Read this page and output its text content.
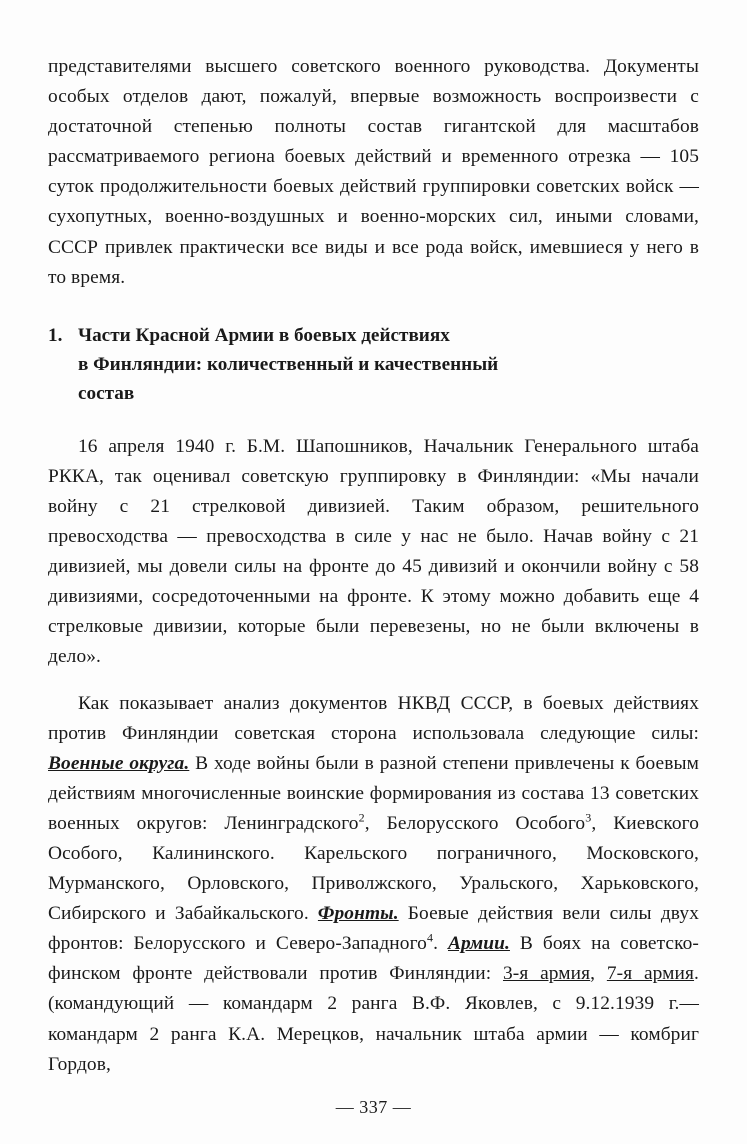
представителями высшего советского военного руководства. Документы особых отделов дают, пожалуй, впервые возможность воспроизвести с достаточной степенью полноты состав гигантской для масштабов рассматриваемого региона боевых действий и временного отрезка — 105 суток продолжительности боевых действий группировки советских войск — сухопутных, военно-воздушных и военно-морских сил, иными словами, СССР привлек практически все виды и все рода войск, имевшиеся у него в то время.

1. Части Красной Армии в боевых действиях
в Финляндии: количественный и качественный
состав

16 апреля 1940 г. Б.М. Шапошников, Начальник Генерального штаба РККА, так оценивал советскую группировку в Финляндии: «Мы начали войну с 21 стрелковой дивизией. Таким образом, решительного превосходства — превосходства в силе у нас не было. Начав войну с 21 дивизией, мы довели силы на фронте до 45 дивизий и окончили войну с 58 дивизиями, сосредоточенными на фронте. К этому можно добавить еще 4 стрелковые дивизии, которые были перевезены, но не были включены в дело».

Как показывает анализ документов НКВД СССР, в боевых действиях против Финляндии советская сторона использовала следующие силы: Военные округа. В ходе войны были в разной степени привлечены к боевым действиям многочисленные воинские формирования из состава 13 советских военных округов: Ленинградского$^2$, Белорусского Особого$^3$, Киевского Особого, Калининского. Карельского пограничного, Московского, Мурманского, Орловского, Приволжского, Уральского, Харьковского, Сибирского и Забайкальского. Фронты. Боевые действия вели силы двух фронтов: Белорусского и Северо-Западного$^4$. Армии. В боях на советско-финском фронте действовали против Финляндии: 3-я армия, 7-я армия. (командующий — командарм 2 ранга В.Ф. Яковлев, с 9.12.1939 г.— командарм 2 ранга К.А. Мерецков, начальник штаба армии — комбриг Гордов,

— 337 —
